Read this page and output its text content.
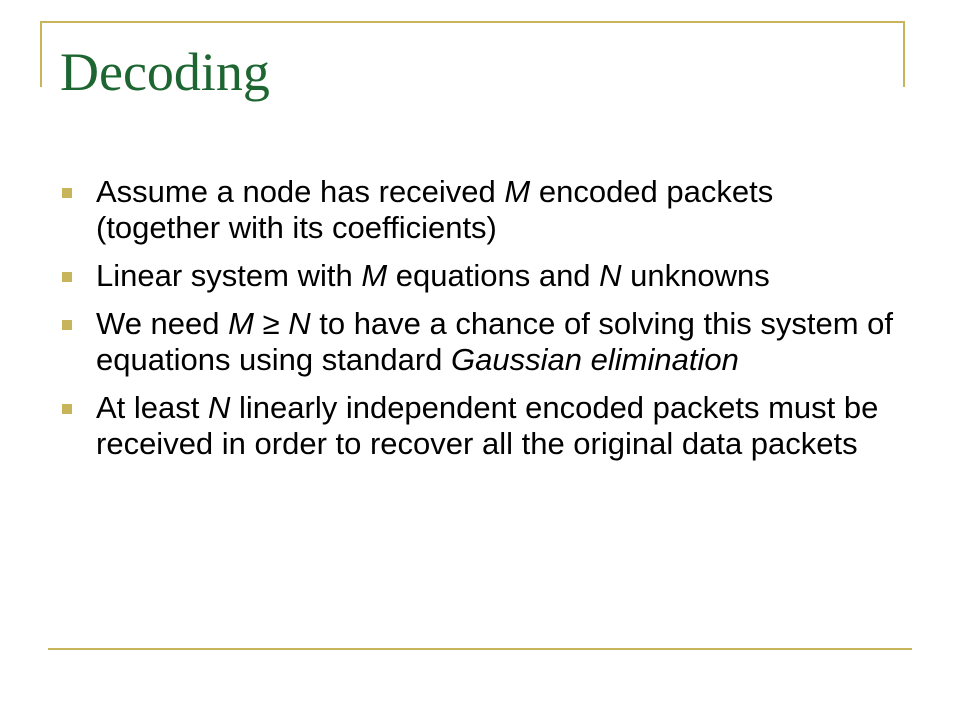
Decoding
Assume a node has received M encoded packets (together with its coefficients)
Linear system with M equations and N unknowns
We need M ≥ N to have a chance of solving this system of equations using standard Gaussian elimination
At least N linearly independent encoded packets must be received in order to recover all the original data packets
